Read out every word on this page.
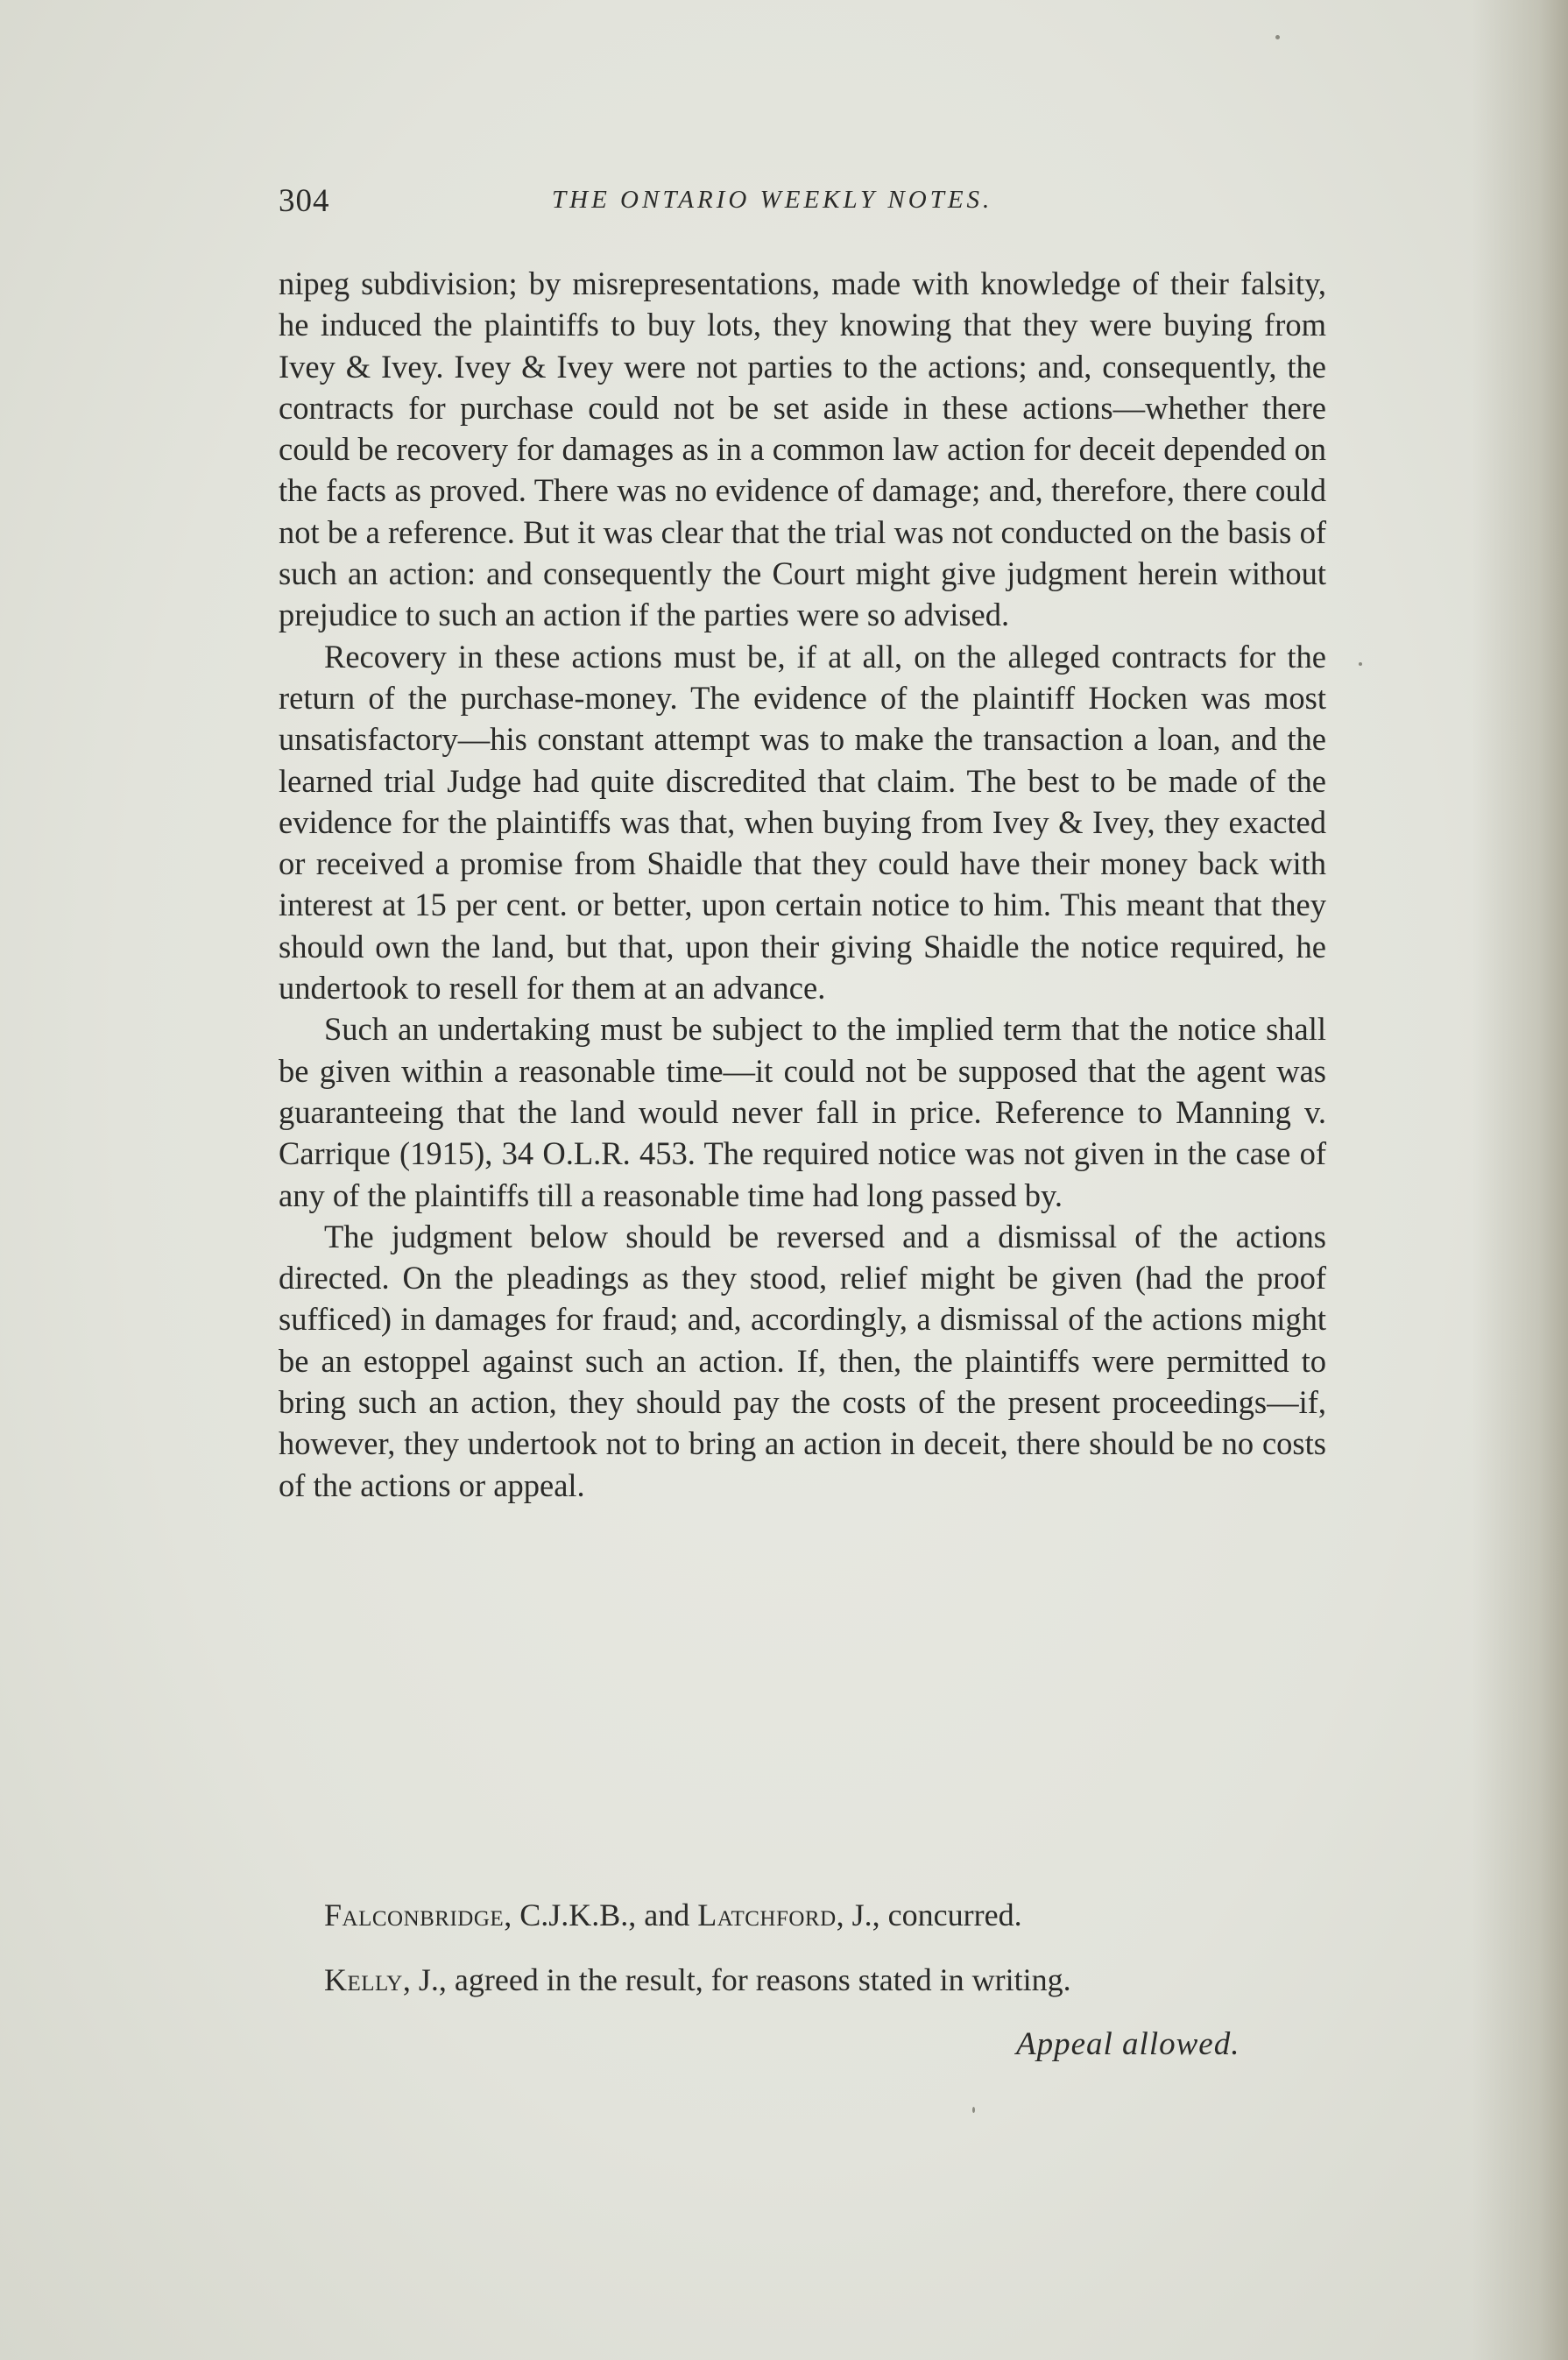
304	THE ONTARIO WEEKLY NOTES.

nipeg subdivision; by misrepresentations, made with knowledge of their falsity, he induced the plaintiffs to buy lots, they knowing that they were buying from Ivey & Ivey. Ivey & Ivey were not parties to the actions; and, consequently, the contracts for purchase could not be set aside in these actions—whether there could be recovery for damages as in a common law action for deceit depended on the facts as proved. There was no evidence of damage; and, therefore, there could not be a reference. But it was clear that the trial was not conducted on the basis of such an action: and consequently the Court might give judgment herein without prejudice to such an action if the parties were so advised.

Recovery in these actions must be, if at all, on the alleged contracts for the return of the purchase-money. The evidence of the plaintiff Hocken was most unsatisfactory—his constant attempt was to make the transaction a loan, and the learned trial Judge had quite discredited that claim. The best to be made of the evidence for the plaintiffs was that, when buying from Ivey & Ivey, they exacted or received a promise from Shaidle that they could have their money back with interest at 15 per cent. or better, upon certain notice to him. This meant that they should own the land, but that, upon their giving Shaidle the notice required, he undertook to resell for them at an advance.

Such an undertaking must be subject to the implied term that the notice shall be given within a reasonable time—it could not be supposed that the agent was guaranteeing that the land would never fall in price. Reference to Manning v. Carrique (1915), 34 O.L.R. 453. The required notice was not given in the case of any of the plaintiffs till a reasonable time had long passed by.

The judgment below should be reversed and a dismissal of the actions directed. On the pleadings as they stood, relief might be given (had the proof sufficed) in damages for fraud; and, accordingly, a dismissal of the actions might be an estoppel against such an action. If, then, the plaintiffs were permitted to bring such an action, they should pay the costs of the present proceedings—if, however, they undertook not to bring an action in deceit, there should be no costs of the actions or appeal.

Falconbridge, C.J.K.B., and Latchford, J., concurred.
Kelly, J., agreed in the result, for reasons stated in writing.
Appeal allowed.
